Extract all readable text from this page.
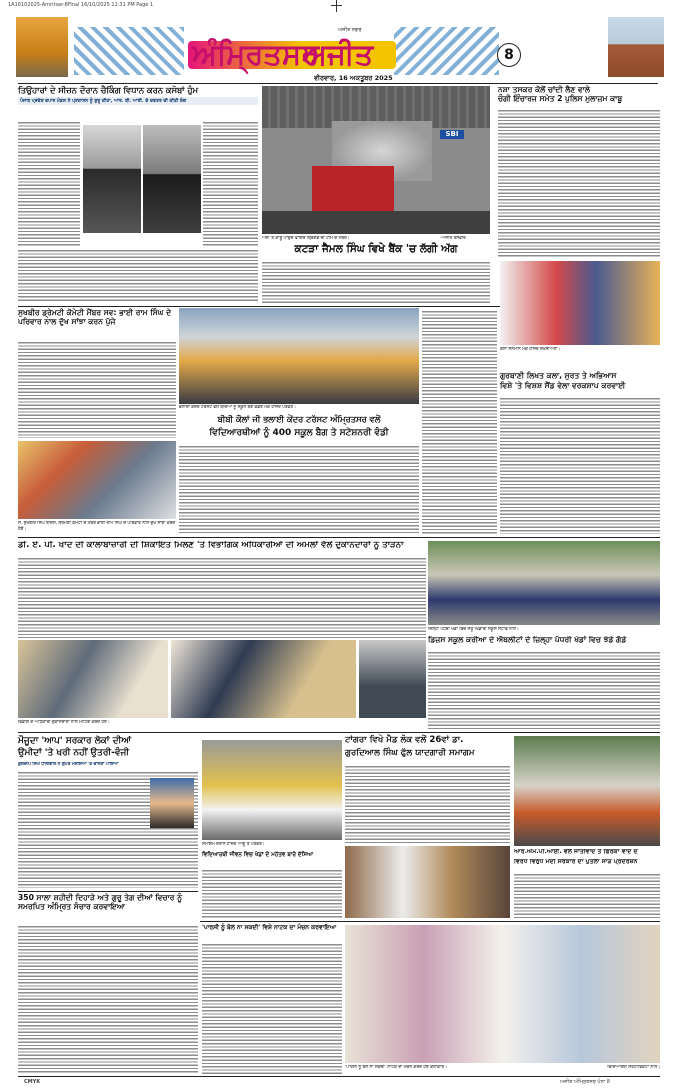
1A16102025-Amritsar-8Final 16/10/2025 11:31 PM Page 1
ਅੰਮ੍ਰਿਤਸਰ
ਅਜੀਤ
ਅਜੀਤ ਨਗਰ
ਵੀਰਵਾਰ, 16 ਅਕਤੂਬਰ 2025
8
ਤਿਉਹਾਰਾਂ ਦੇ ਸੀਜ਼ਨ ਦੌਰਾਨ ਚੈਕਿੰਗ ਵਿਧਾਨ ਕਰਨ ਕਸੋਬਾਂ ਹੁੰਮ
ਪੰਜਾਬ ਪ੍ਰਦੇਸ਼ ਵਪਾਰ ਮੰਡਲ ਨੇ ਪ੍ਰਸ਼ਾਸਨ ਨੂੰ ਸ਼ੁਰੂ ਕੀਤਾ, ਆਰ. ਬੀ. ਆਈ. ਦੇ ਦਫਤਰ ਦੀ ਕੀਤੀ ਸ਼ੰਗ
SBI
ਅੱਗ 'ਤੇ ਕਾਬੂ ਪਾਉਂਦੇ ਫਾਇਰ ਬ੍ਰਿਗੇਡ ਦੀ ਟੀਮ ਦੇ ਮੈਂਬਰ।	-ਅਜੀਤ ਤਸਵੀਰ
ਕਟੜਾ ਜੈਮਲ ਸਿੰਘ ਵਿਖੇ ਬੈਂਕ 'ਚ ਲੱਗੀ ਅੱਗ
ਨਸ਼ਾ ਤਸਕਰ ਕੋਲੋਂ ਚਾਂਦੀ ਲੈਣ ਵਾਲੇ
ਚੰਗੀ ਇੰਚਾਰਜ ਸਮੇਤ 2 ਪੁਲਿਸ ਮੁਲਾਜ਼ਮ ਕਾਬੂ
ਸੁਖਬੀਰ ਡ੍ਰੇਮਟੀ ਕੋਮੇਟੀ ਮੈਂਬਰ ਸਵ: ਭਾਈ ਰਾਮ ਸਿੰਘ ਦੇ ਪਰਿਵਾਰ ਨਾਲ ਦੁੱਖ ਸਾਂਝਾ ਕਰਨ ਪੁੱਜੇ
ਸ. ਸੁਖਬੀਰ ਸਿੰਘ ਬਾਦਲ, ਸ੍ਰੋਮਣੀ ਕਮੇਟੀ ਦੇ ਮੈਂਬਰ ਭਾਈ ਰਾਮ ਸਿੰਘ ਦੇ ਪਰਿਵਾਰ ਨਾਲ ਦੁੱਖ ਸਾਂਝਾ ਕਰਦੇ ਹੋਏ।
ਭਲਾਈ ਕੇਂਦਰ ਟਰੱਸਟ ਵਲੋਂ ਬੱਚਿਆਂ ਨੂੰ ਸਕੂਲ ਬੈਗ ਵੰਡਣ ਮੌਕੇ ਹਾਜ਼ਰ ਪਤਵੰਤੇ।
ਬੀਬੀ ਕੌਲਾਂ ਜੀ ਭਲਾਈ ਕੇਂਦਰ ਟਰੱਸਟ ਅੰਮ੍ਰਿਤਸਰ ਵਲੋਂ
ਵਿਦਿਆਰਥੀਆਂ ਨੂੰ 400 ਸਕੂਲ ਬੈਗ ਤੇ ਸਟੇਸ਼ਨਰੀ ਵੰਡੀ
ਕਲਾ ਸਨਮਾਨ ਮੌਕੇ ਹਾਜ਼ਰ ਸ਼ਖਸੀਅਤਾਂ।
ਗੁਰਬਾਣੀ ਲਿਖਤ ਕਲਾ, ਸੁਰਤ ਤੇ ਅਭਿਆਸ
ਵਿਸ਼ੇ 'ਤੇ ਵਿਸ਼ਸ਼ ਸੈਂਡ ਵੇਲਾ ਵਰਕਸ਼ਾਪ ਕਰਵਾਈ
ਡੀ. ਏ. ਪੀ. ਖਾਦ ਦੀ ਕਾਲਾਬਾਜ਼ਾਰੀ ਦੀ ਸ਼ਿਕਾਇਤ ਮਿਲਣ 'ਤੇ ਵਿਭਾਗਿਕ ਅਧਿਕਾਰੀਆਂ ਦੀ ਅਮਲਾਂ ਵੱਲੋਂ ਦੁਕਾਨਦਾਰਾਂ ਨੂੰ ਤਾੜਨਾ
ਵਿਭਾਗ ਦੇ ਅਧਿਕਾਰੀ ਦੁਕਾਨਦਾਰਾਂ ਨਾਲ ਮੀਟਿੰਗ ਕਰਦੇ ਹੋਏ।
ਜ਼ਿਲ੍ਹਾ ਪੱਧਰੀ ਖੇਡਾਂ ਵਿਚ ਜੇਤੂ ਖਿਡਾਰੀ ਸਕੂਲ ਸਟਾਫ਼ ਨਾਲ।
ਡਿਜ਼ਸ ਸਕੂਲ ਕਰੀਆ ਦੇ ਐਥਲੀਟਾਂ ਦੇ ਜ਼ਿਲ੍ਹਾ ਪੱਧਰੀ ਖੇਡਾਂ ਵਿਚ ਝੰਡੇ ਗੱਡੇ
ਮੌਜੂਦਾ 'ਆਪ' ਸਰਕਾਰ ਲੋਕਾਂ ਦੀਆਂ
ਉਮੀਦਾਂ 'ਤੇ ਖਰੀ ਨਹੀਂ ਉਤਰੀ-ਵੰਜੀ
ਕੁਲਦੀਪ ਸਿੰਘ ਧਾਲੀਵਾਲ ਨੇ ਗੁਪਤ ਮਸਲਿਆਂ 'ਤੇ ਚਾਨਣਾ ਪਾਇਆ
ਸਮਾਗਮ ਦੌਰਾਨ ਹਾਜ਼ਰ ਆਗੂ ਤੇ ਪਤਵੰਤੇ।
ਵਿਦਿਆਰਥੀ ਜੀਵਨ ਵਿਚ ਖੇਡਾਂ ਦੇ ਮਹੱਤਵ ਬਾਰੇ ਦੱਸਿਆ
ਟਾਂਗਰਾ ਵਿਖੇ ਮੈਡ ਲੋਕ ਵਲੋਂ 26ਵਾਂ ਡਾ.
ਗੁਰਦਿਆਲ ਸਿੰਘ ਫੁੱਲ ਯਾਦਗਾਰੀ ਸਮਾਗਮ
ਆਰ.ਐੱਮ.ਪੀ.ਆਈ. ਵਲੋਂ ਜਾਤੀਵਾਦ ਤੇ ਫਿਰਕਾ ਵਾਦ ਦੇ
ਵਿਰੋਧ ਵਿਰੁੱਧ ਮੋਦੀ ਸਰਕਾਰ ਦਾ ਪੁਤਲਾ ਸਾੜ ਪ੍ਰਦਰਸ਼ਨ
350 ਸਾਲਾ ਸ਼ਹੀਦੀ ਦਿਹਾੜੇ ਅਤੇ ਗੁਰੂ ਤੇਗ ਦੀਆਂ ਵਿਚਾਰ ਨੂੰ ਸਮਰਪਿਤ ਅੰਮ੍ਰਿਤ ਸੰਚਾਰ ਕਰਵਾਇਆ
'ਪਾਰਸੀ ਨੂੰ ਬੋਲ ਨਾ ਸਕਦੀ' ਵਿਸ਼ੇ ਨਾਟਕ ਦਾ ਮੰਚਨ ਕਰਵਾਇਆ
'ਪਾਰਸੀ ਨੂੰ ਬੋਲ ਨਾ ਸਕਦੀ' ਨਾਟਕ ਦਾ ਮੰਚਨ ਕਰਦੇ ਹੋਏ ਕਲਾਕਾਰ।	ਵਿਦਿਆਰਥੀ ਸਰਟੀਫਿਕੇਟਾਂ ਨਾਲ।
CMYK	ਅਜੀਤ ਅੰਮ੍ਰਿਤਸਰ ਪੰਨਾ 8
